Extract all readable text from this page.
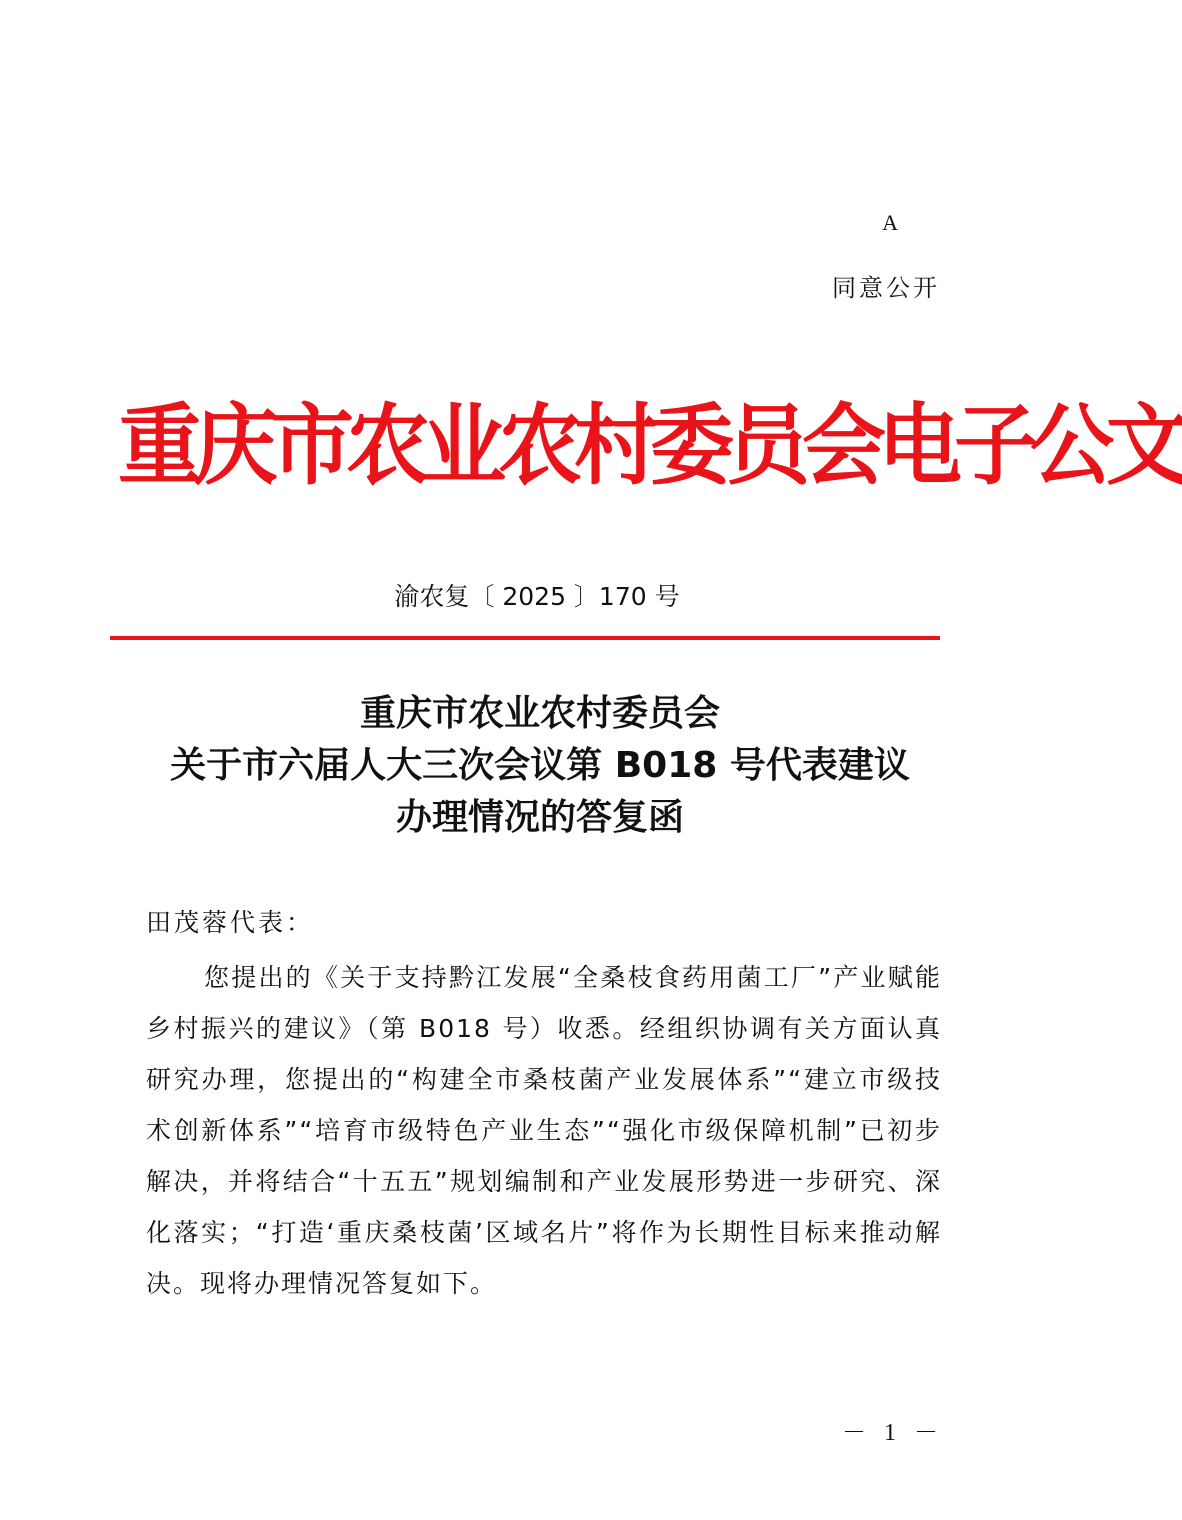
A
同意公开
重庆市农业农村委员会电子公文
渝农复〔 2025 〕170 号
重庆市农业农村委员会
关于市六届人大三次会议第 B018 号代表建议
办理情况的答复函
田茂蓉代表：
您提出的《关于支持黔江发展“全桑枝食药用菌工厂”产业赋能乡村振兴的建议》（第 B018 号）收悉。经组织协调有关方面认真研究办理，您提出的“构建全市桑枝菌产业发展体系”“建立市级技术创新体系”“培育市级特色产业生态”“强化市级保障机制”已初步解决，并将结合“十五五”规划编制和产业发展形势进一步研究、深化落实；“打造‘重庆桑枝菌’区域名片”将作为长期性目标来推动解决。现将办理情况答复如下。
－ 1 －
